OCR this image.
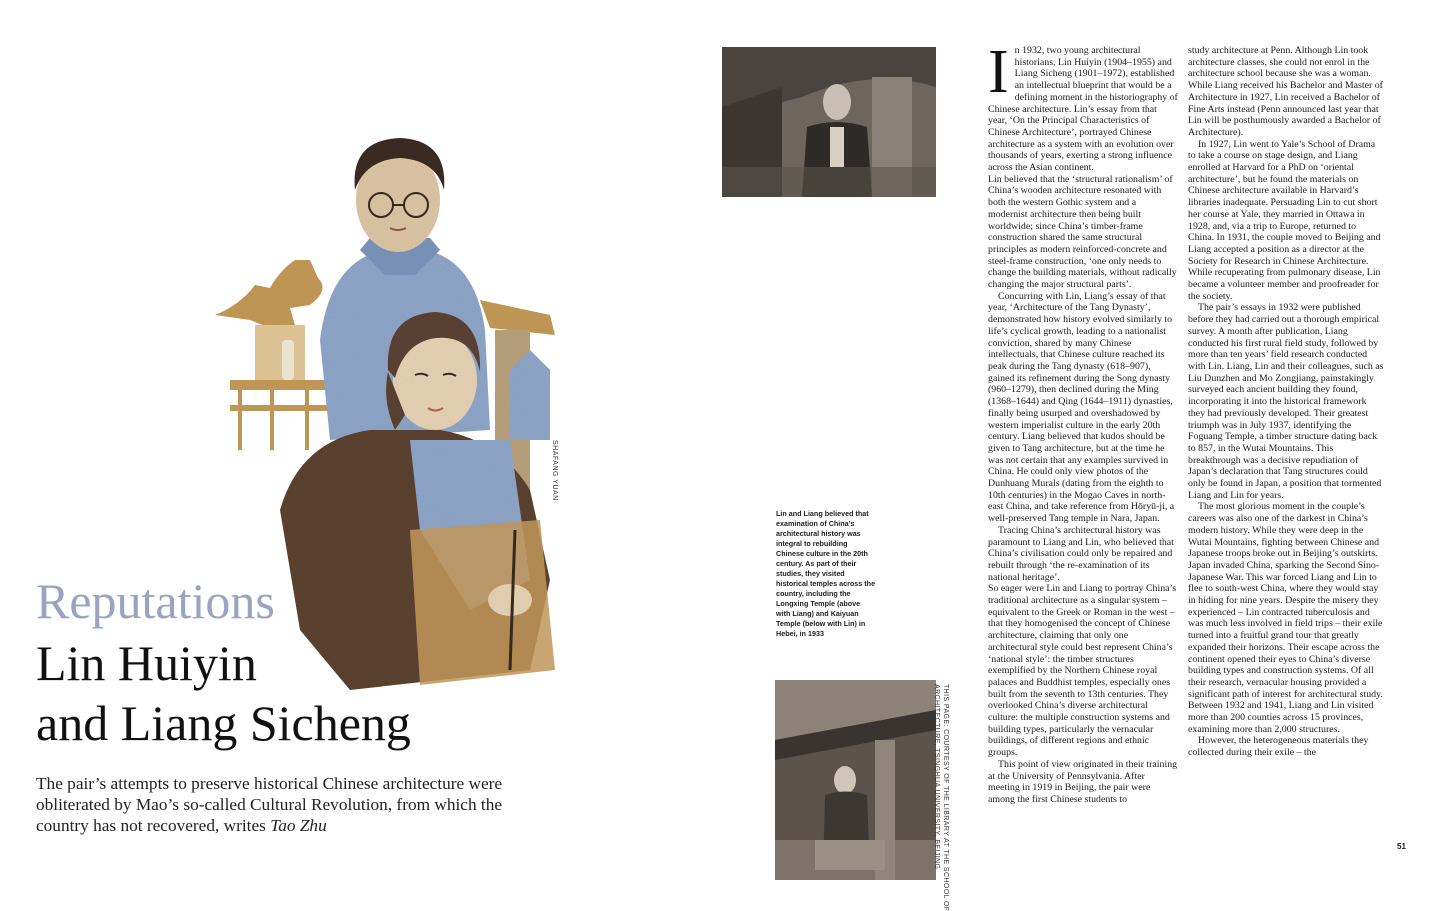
SHAFANG YUAN
Reputations
Lin Huiyin
and Liang Sicheng
The pair’s attempts to preserve historical Chinese architecture were obliterated by Mao’s so-called Cultural Revolution, from which the country has not recovered, writes Tao Zhu	THIS PAGE: COURTESY OF THE LIBRARY AT THE SCHOOL OF
ARCHITECTURE, TSINGHUA UNIVERSITY, BEIJING
Lin and Liang believed that examination of China’s architectural history was integral to rebuilding Chinese culture in the 20th century. As part of their studies, they visited historical temples across the country, including the Longxing Temple (above with Liang) and Kaiyuan Temple (below with Lin) in Hebei, in 1933
I n 1932, two young architectural historians, Lin Huiyin (1904–1955) and Liang Sicheng (1901–1972), established an intellectual blueprint that would be a defining moment in the historiography of Chinese architecture. Lin’s essay from that year, ‘On the Principal Characteristics of Chinese Architecture’, portrayed Chinese architecture as a system with an evolution over thousands of years, exerting a strong influence across the Asian continent.

Lin believed that the ‘structural rationalism’ of China’s wooden architecture resonated with both the western Gothic system and a modernist architecture then being built worldwide; since China’s timber-frame construction shared the same structural principles as modern reinforced-concrete and steel-frame construction, ‘one only needs to change the building materials, without radically changing the major structural parts’.

Concurring with Lin, Liang’s essay of that year, ‘Architecture of the Tang Dynasty’, demonstrated how history evolved similarly to life’s cyclical growth, leading to a nationalist conviction, shared by many Chinese intellectuals, that Chinese culture reached its peak during the Tang dynasty (618–907), gained its refinement during the Song dynasty (960–1279), then declined during the Ming (1368–1644) and Qing (1644–1911) dynasties, finally being usurped and overshadowed by western imperialist culture in the early 20th century. Liang believed that kudos should be given to Tang architecture, but at the time he was not certain that any examples survived in China. He could only view photos of the Dunhuang Murals (dating from the eighth to 10th centuries) in the Mogao Caves in north-east China, and take reference from Hōryū-ji, a well-preserved Tang temple in Nara, Japan.

Tracing China’s architectural history was paramount to Liang and Lin, who believed that China’s civilisation could only be repaired and rebuilt through ‘the re-examination of its national heritage’.

So eager were Lin and Liang to portray China’s traditional architecture as a singular system – equivalent to the Greek or Roman in the west – that they homogenised the concept of Chinese architecture, claiming that only one architectural style could best represent China’s ‘national style’: the timber structures exemplified by the Northern Chinese royal palaces and Buddhist temples, especially ones built from the seventh to 13th centuries. They overlooked China’s diverse architectural culture: the multiple construction systems and building types, particularly the vernacular buildings, of different regions and ethnic groups.

This point of view originated in their training at the University of Pennsylvania. After meeting in 1919 in Beijing, the pair were among the first Chinese students to

study architecture at Penn. Although Lin took architecture classes, she could not enrol in the architecture school because she was a woman. While Liang received his Bachelor and Master of Architecture in 1927, Lin received a Bachelor of Fine Arts instead (Penn announced last year that Lin will be posthumously awarded a Bachelor of Architecture).

In 1927, Lin went to Yale’s School of Drama to take a course on stage design, and Liang enrolled at Harvard for a PhD on ‘oriental architecture’, but he found the materials on Chinese architecture available in Harvard’s libraries inadequate. Persuading Lin to cut short her course at Yale, they married in Ottawa in 1928, and, via a trip to Europe, returned to China. In 1931, the couple moved to Beijing and Liang accepted a position as a director at the Society for Research in Chinese Architecture.

While recuperating from pulmonary disease, Lin became a volunteer member and proofreader for the society.

The pair’s essays in 1932 were published before they had carried out a thorough empirical survey. A month after publication, Liang conducted his first rural field study, followed by more than ten years’ field research conducted with Lin. Liang, Lin and their colleagues, such as Liu Dunzhen and Mo Zongjiang, painstakingly surveyed each ancient building they found, incorporating it into the historical framework they had previously developed. Their greatest triumph was in July 1937, identifying the Foguang Temple, a timber structure dating back to 857, in the Wutai Mountains. This breakthrough was a decisive repudiation of Japan’s declaration that Tang structures could only be found in Japan, a position that tormented Liang and Lin for years.

The most glorious moment in the couple’s careers was also one of the darkest in China’s modern history. While they were deep in the Wutai Mountains, fighting between Chinese and Japanese troops broke out in Beijing’s outskirts. Japan invaded China, sparking the Second Sino-Japanese War. This war forced Liang and Lin to flee to south-west China, where they would stay in hiding for nine years. Despite the misery they experienced – Lin contracted tuberculosis and was much less involved in field trips – their exile turned into a fruitful grand tour that greatly expanded their horizons. Their escape across the continent opened their eyes to China’s diverse building types and construction systems. Of all their research, vernacular housing provided a significant path of interest for architectural study. Between 1932 and 1941, Liang and Lin visited more than 200 counties across 15 provinces, examining more than 2,000 structures.

However, the heterogeneous materials they collected during their exile – the

51
